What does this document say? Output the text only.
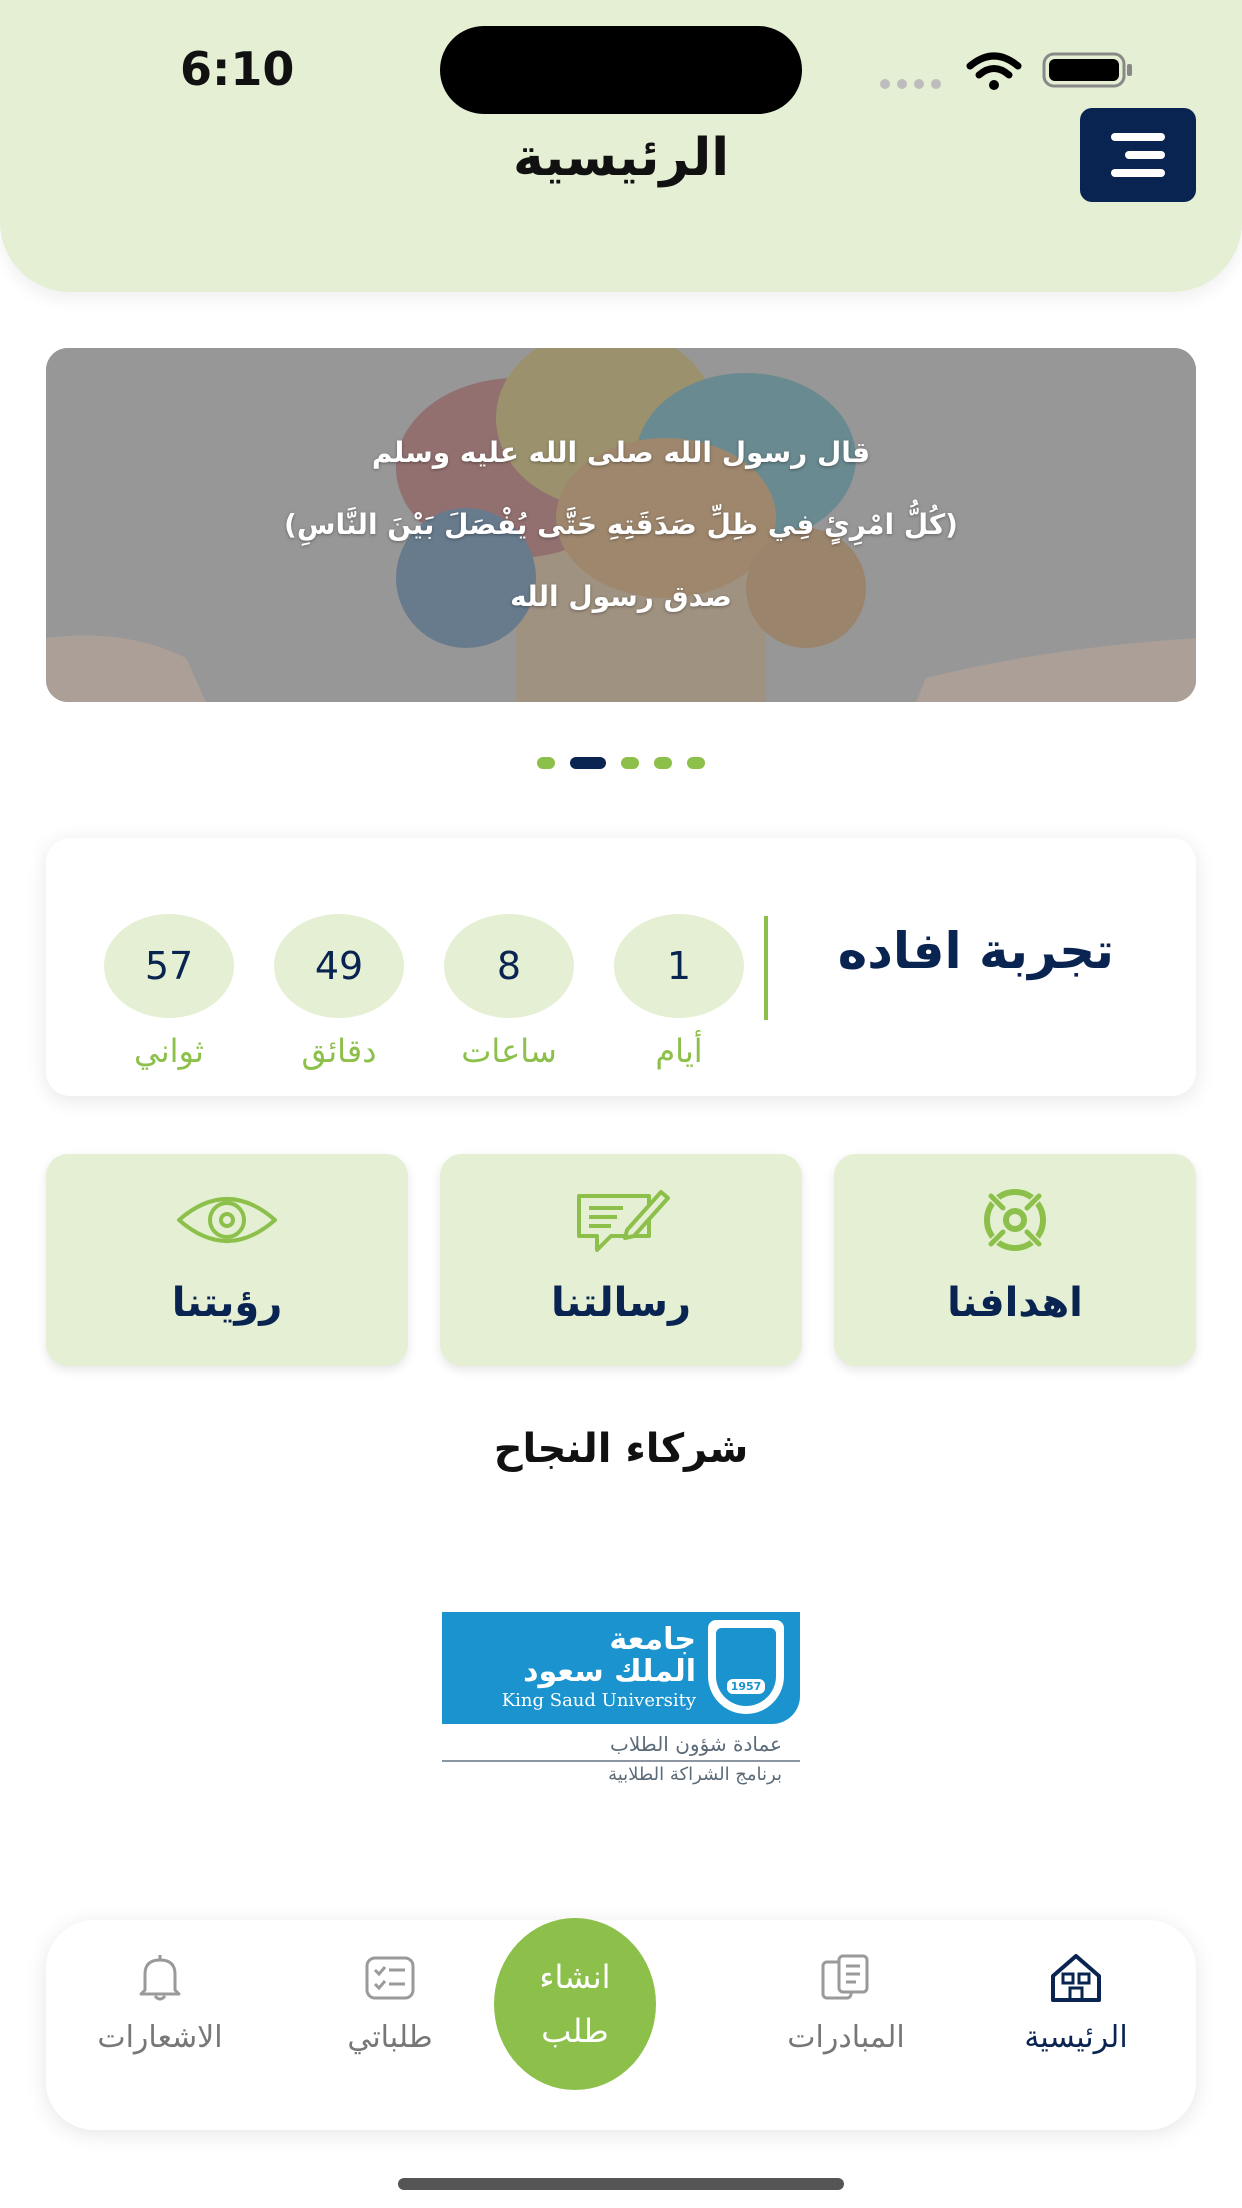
6:10
الرئيسية
قال رسول الله صلى الله عليه وسلم
(كُلُّ امْرِئٍ فِي ظِلِّ صَدَقَتِهِ حَتَّى يُفْصَلَ بَيْنَ النَّاسِ)
صدق رسول الله

تجربة افاده
1
أيام
8
ساعات
49
دقائق
57
ثواني
اهدافنا
رسالتنا
رؤيتنا
شركاء النجاح
جامعة
الملك سعود
King Saud University
1957
عمادة شؤون الطلاب
برنامج الشراكة الطلابية
الرئيسية
المبادرات
طلباتي
الاشعارات
انشاء
طلب
